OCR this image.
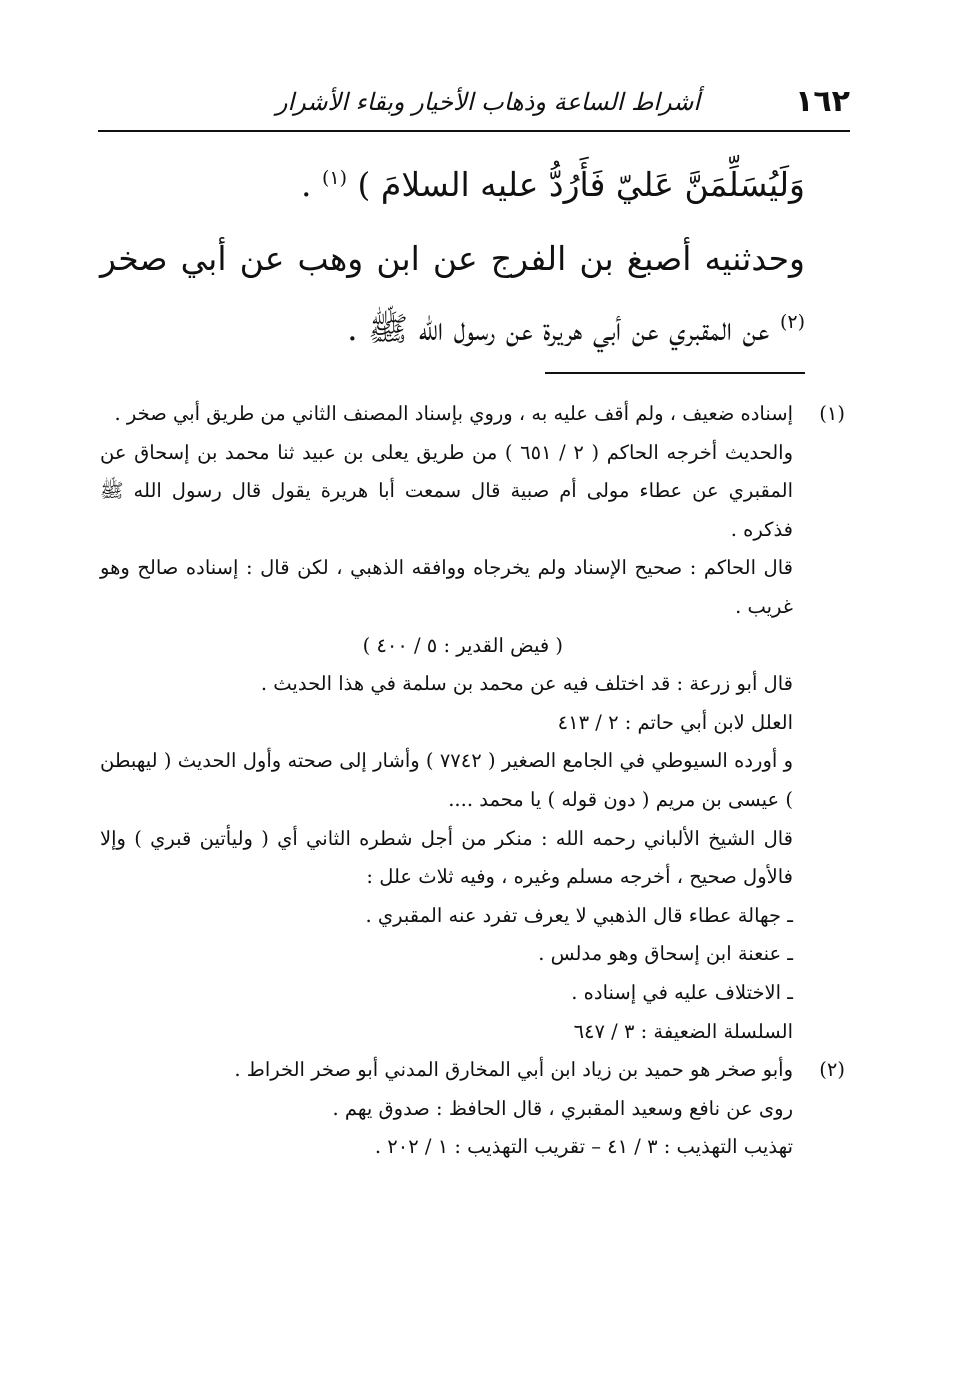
١٦٢
أشراط الساعة وذهاب الأخيار وبقاء الأشرار

وَلَيُسَلِّمَنَّ عَليّ فَأَرُدُّ عليه السلامَ ) $^{(١)}$ .

وحدثنيه أصبغ بن الفرج عن ابن وهب عن أبي صخر $^{(٢)}$ عن المقبري عن أبي هريرة عن رسول الله ﷺ .

(١)

إسناده ضعيف ، ولم أقف عليه به ، وروي بإسناد المصنف الثاني من طريق أبي صخر .

والحديث أخرجه الحاكم ( ٢ / ٦٥١ ) من طريق يعلى بن عبيد ثنا محمد بن إسحاق عن المقبري عن عطاء مولى أم صبية قال سمعت أبا هريرة يقول قال رسول الله ﷺ فذكره .

قال الحاكم : صحيح الإسناد ولم يخرجاه ووافقه الذهبي ، لكن قال : إسناده صالح وهو غريب .

( فيض القدير : ٥ / ٤٠٠ )

قال أبو زرعة : قد اختلف فيه عن محمد بن سلمة في هذا الحديث .

العلل لابن أبي حاتم : ٢ / ٤١٣

و أورده السيوطي في الجامع الصغير ( ٧٧٤٢ ) وأشار إلى صحته وأول الحديث ( ليهبطن ) عيسى بن مريم ( دون قوله ) يا محمد ....

قال الشيخ الألباني رحمه الله : منكر من أجل شطره الثاني أي ( وليأتين قبري ) وإلا فالأول صحيح ، أخرجه مسلم وغيره ، وفيه ثلاث علل :

ـ جهالة عطاء قال الذهبي لا يعرف تفرد عنه المقبري .

ـ عنعنة ابن إسحاق وهو مدلس .

ـ الاختلاف عليه في إسناده .

السلسلة الضعيفة : ٣ / ٦٤٧

(٢)

وأبو صخر هو حميد بن زياد ابن أبي المخارق المدني أبو صخر الخراط .

روى عن نافع وسعيد المقبري ، قال الحافظ : صدوق يهم .

تهذيب التهذيب : ٣ / ٤١ – تقريب التهذيب : ١ / ٢٠٢ .
